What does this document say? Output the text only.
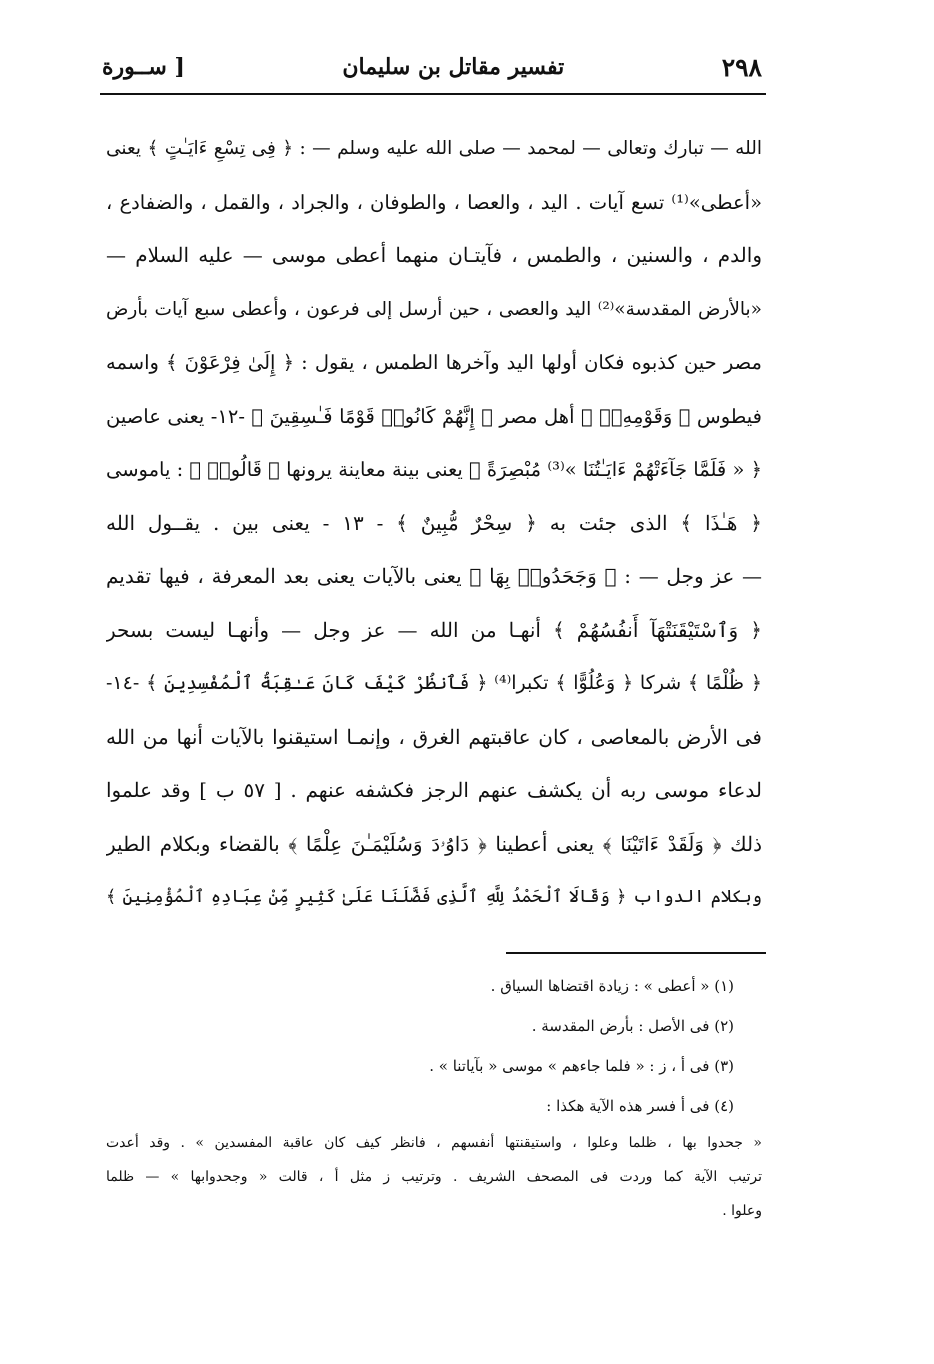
٢٩٨
تفسير مقاتل بن سليمان
[ ســورة
الله — تبارك وتعالى — لمحمد — صلى الله عليه وسلم — : ﴿ فِى تِسْعِ ءَايَـٰتٍ ﴾ يعنى
«أعطى»⁽¹⁾ تسع آيات . اليد ، والعصا ، والطوفان ، والجراد ، والقمل ، والضفادع ،
والدم ، والسنين ، والطمس ، فآيتـان منهما أعطى موسى — عليه السلام —
«بالأرض المقدسة»⁽²⁾ اليد والعصى ، حين أرسل إلى فرعون ، وأعطى سبع آيات بأرض
مصر حين كذبوه فكان أولها اليد وآخرها الطمس ، يقول : ﴿ إِلَىٰ فِرْعَوْنَ ﴾ واسمه
فيطوس ﴿ وَقَوْمِهِۦٓ ﴾ أهل مصر ﴿ إِنَّهُمْ كَانُوا۟ قَوْمًا فَـٰسِقِينَ ﴾ -١٢- يعنى عاصين
﴿ « فَلَمَّا جَآءَتْهُمْ ءَايَـٰتُنَا »⁽³⁾ مُبْصِرَةً ﴾ يعنى بينة معاينة يرونها ﴿ قَالُوا۟ ﴾ : ياموسى
﴿ هَـٰذَا ﴾ الذى جئت به ﴿ سِحْرٌ مُّبِينٌ ﴾ - ١٣ - يعنى بين . يقــول الله
— عز وجل — : ﴿ وَجَحَدُوا۟ بِهَا ﴾ يعنى بالآيات يعنى بعد المعرفة ، فيها تقديم
﴿ وَٱسْتَيْقَنَتْهَآ أَنفُسُهُمْ ﴾ أنهـا من الله — عز وجل — وأنهـا ليست بسحر
﴿ ظُلْمًا ﴾ شركا ﴿ وَعُلُوًّا ﴾ تكبرا⁽⁴⁾ ﴿ فَٱنظُرْ كَيْفَ كَانَ عَـٰقِبَةُ ٱلْمُفْسِدِينَ ﴾ -١٤-
فى الأرض بالمعاصى ، كان عاقبتهم الغرق ، وإنمـا استيقنوا بالآيات أنها من الله
لدعاء موسى ربه أن يكشف عنهم الرجز فكشفه عنهم . [ ٥٧ ب ] وقد علموا
ذلك ﴿ وَلَقَدْ ءَاتَيْنَا ﴾ يعنى أعطينا ﴿ دَاوُۥدَ وَسُلَيْمَـٰنَ عِلْمًا ﴾ بالقضاء وبكلام الطير
وبكلام الدواب ﴿ وَقَالَا ٱلْحَمْدُ لِلَّهِ ٱلَّذِى فَضَّلَنَا عَلَىٰ كَثِيرٍ مِّنْ عِبَادِهِ ٱلْمُؤْمِنِينَ ﴾
(١) « أعطى » : زيادة اقتضاها السياق .
(٢) فى الأصل : بأرض المقدسة .
(٣) فى أ ، ز : « فلما جاءهم » موسى « بآياتنا » .
(٤) فى أ فسر هذه الآية هكذا :
« جحدوا بها ، ظلما وعلوا ، واستيقنتها أنفسهم ، فانظر كيف كان عاقبة المفسدين » . وقد أعدت
ترتيب الآية كما وردت فى المصحف الشريف . وترتيب ز مثل أ ، قالت « وجحدوابها » — ظلما
وعلوا .
